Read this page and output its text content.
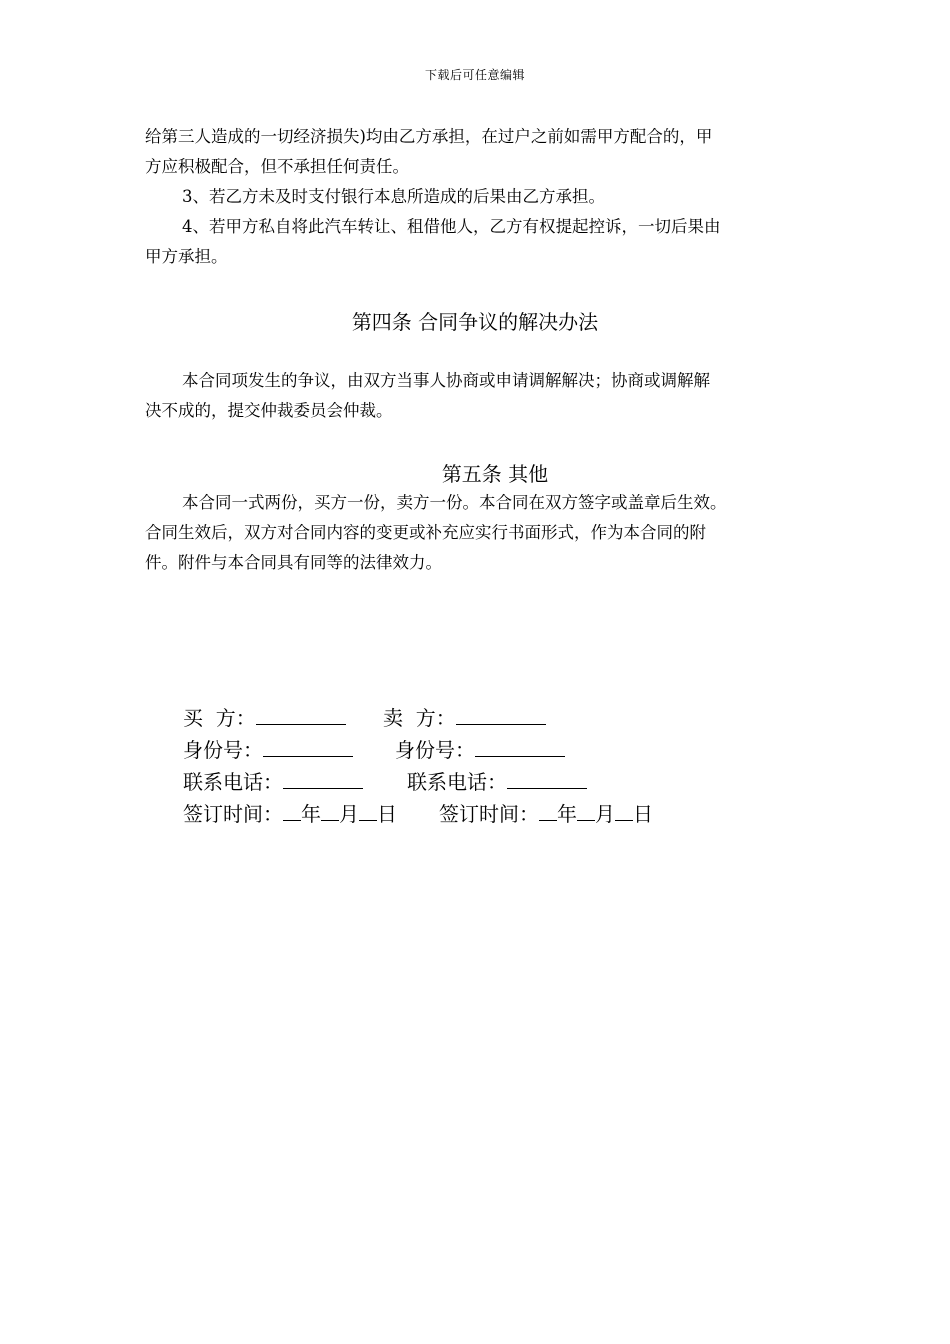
下载后可任意编辑

给第三人造成的一切经济损失)均由乙方承担，在过户之前如需甲方配合的，甲

方应积极配合，但不承担任何责任。

3、若乙方未及时支付银行本息所造成的后果由乙方承担。

4、若甲方私自将此汽车转让、租借他人，乙方有权提起控诉，一切后果由

甲方承担。

第四条 合同争议的解决办法

本合同项发生的争议，由双方当事人协商或申请调解解决；协商或调解解

决不成的，提交仲裁委员会仲裁。

第五条 其他

本合同一式两份，买方一份，卖方一份。本合同在双方签字或盖章后生效。

合同生效后，双方对合同内容的变更或补充应实行书面形式，作为本合同的附

件。附件与本合同具有同等的法律效力。

买  方：	卖  方：
身份号：	身份号：
联系电话：	联系电话：
签订时间： 年 月 日	签订时间： 年 月 日
